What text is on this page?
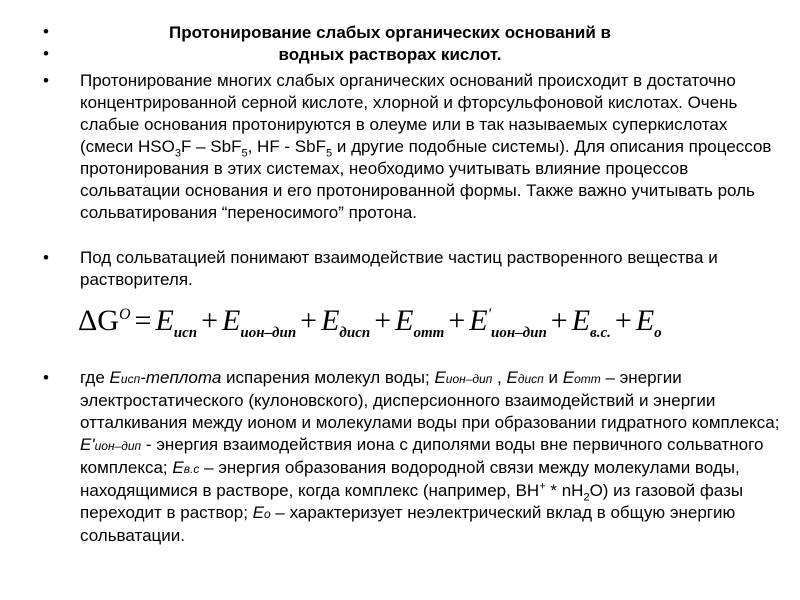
•
•
Протонирование слабых органических оснований в
водных растворах кислот.
• Протонирование многих слабых органических оснований происходит в достаточно концентрированной серной кислоте, хлорной и фторсульфоновой кислотах. Очень слабые основания протонируются в олеуме или в так называемых суперкислотах (смеси $HSO_3F - SbF_5$, HF - SbF$_5$ и другие подобные системы). Для описания процессов протонирования в этих системах, необходимо учитывать влияние процессов сольватации основания и его протонированной формы. Также важно учитывать роль сольватирования “переносимого” протона.
• Под сольватацией понимают взаимодействие частиц растворенного вещества и растворителя.
$\Delta G^O = E_{исп} + E_{ион-дип} + E_{дисп} + E_{отт} + E'_{ион-дип} + E_{в.с.} + E_о$
• где Eисп-теплота испарения молекул воды; Eион–дип , Eдисп и Eотт – энергии электростатического (кулоновского), дисперсионного взаимодействий и энергии отталкивания между ионом и молекулами воды при образовании гидратного комплекса; E'ион–дип - энергия взаимодействия иона с диполями воды вне первичного сольватного комплекса; Eв.с – энергия образования водородной связи между молекулами воды, находящимися в растворе, когда комплекс (например, $ВН^+ * nH_2O$) из газовой фазы переходит в раствор; Eо – характеризует неэлектрический вклад в общую энергию сольватации.
